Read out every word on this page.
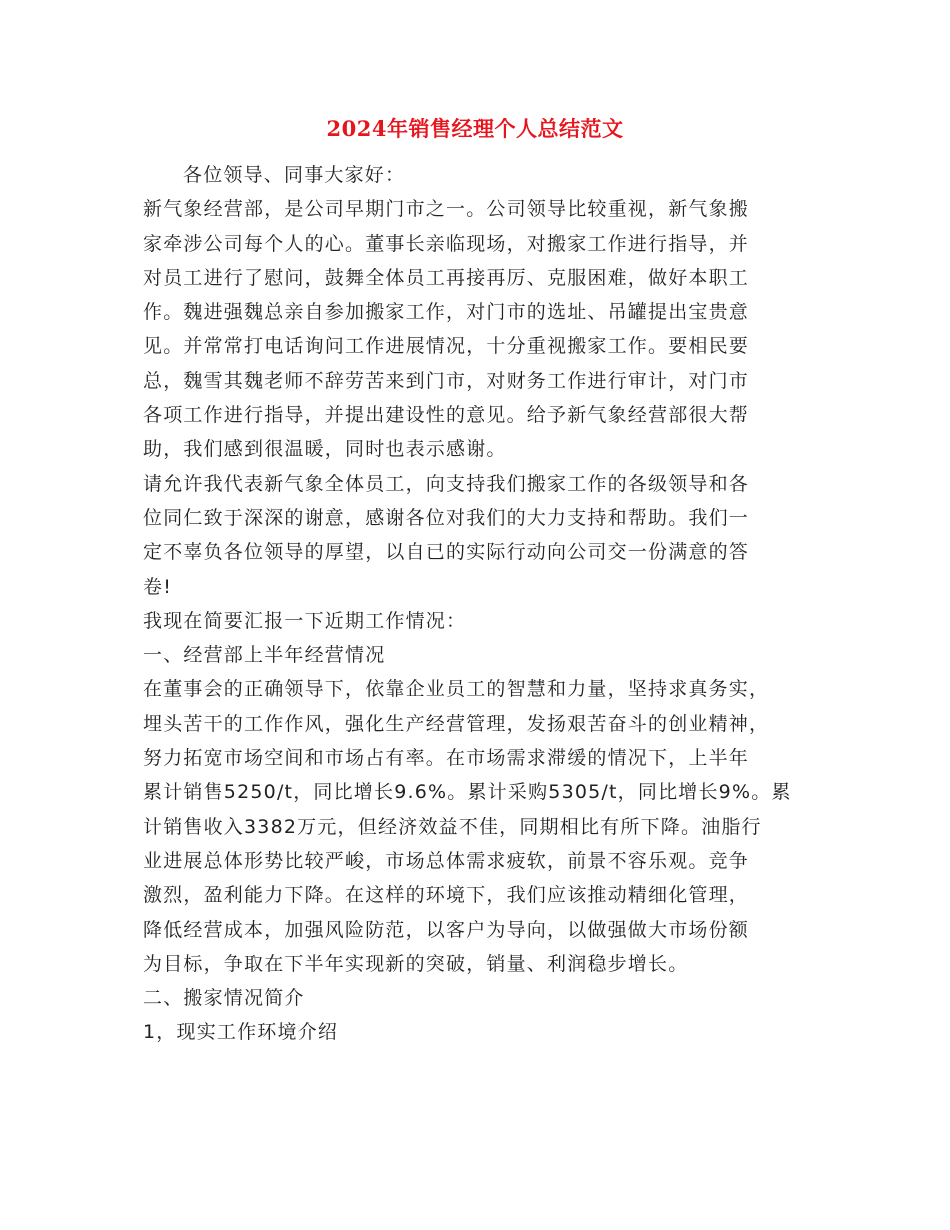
2024年销售经理个人总结范文
各位领导、同事大家好：
新气象经营部，是公司早期门市之一。公司领导比较重视，新气象搬
家牵涉公司每个人的心。董事长亲临现场，对搬家工作进行指导，并
对员工进行了慰问，鼓舞全体员工再接再厉、克服困难，做好本职工
作。魏进强魏总亲自参加搬家工作，对门市的选址、吊罐提出宝贵意
见。并常常打电话询问工作进展情况，十分重视搬家工作。要相民要
总，魏雪其魏老师不辞劳苦来到门市，对财务工作进行审计，对门市
各项工作进行指导，并提出建设性的意见。给予新气象经营部很大帮
助，我们感到很温暖，同时也表示感谢。
请允许我代表新气象全体员工，向支持我们搬家工作的各级领导和各
位同仁致于深深的谢意，感谢各位对我们的大力支持和帮助。我们一
定不辜负各位领导的厚望，以自已的实际行动向公司交一份满意的答
卷!
我现在简要汇报一下近期工作情况：
一、经营部上半年经营情况
在董事会的正确领导下，依靠企业员工的智慧和力量，坚持求真务实，
埋头苦干的工作作风，强化生产经营管理，发扬艰苦奋斗的创业精神，
努力拓宽市场空间和市场占有率。在市场需求滞缓的情况下，上半年
累计销售5250/t，同比增长9.6%。累计采购5305/t，同比增长9%。累
计销售收入3382万元，但经济效益不佳，同期相比有所下降。油脂行
业进展总体形势比较严峻，市场总体需求疲软，前景不容乐观。竞争
激烈，盈利能力下降。在这样的环境下，我们应该推动精细化管理，
降低经营成本，加强风险防范，以客户为导向，以做强做大市场份额
为目标，争取在下半年实现新的突破，销量、利润稳步增长。
二、搬家情况简介
1，现实工作环境介绍
